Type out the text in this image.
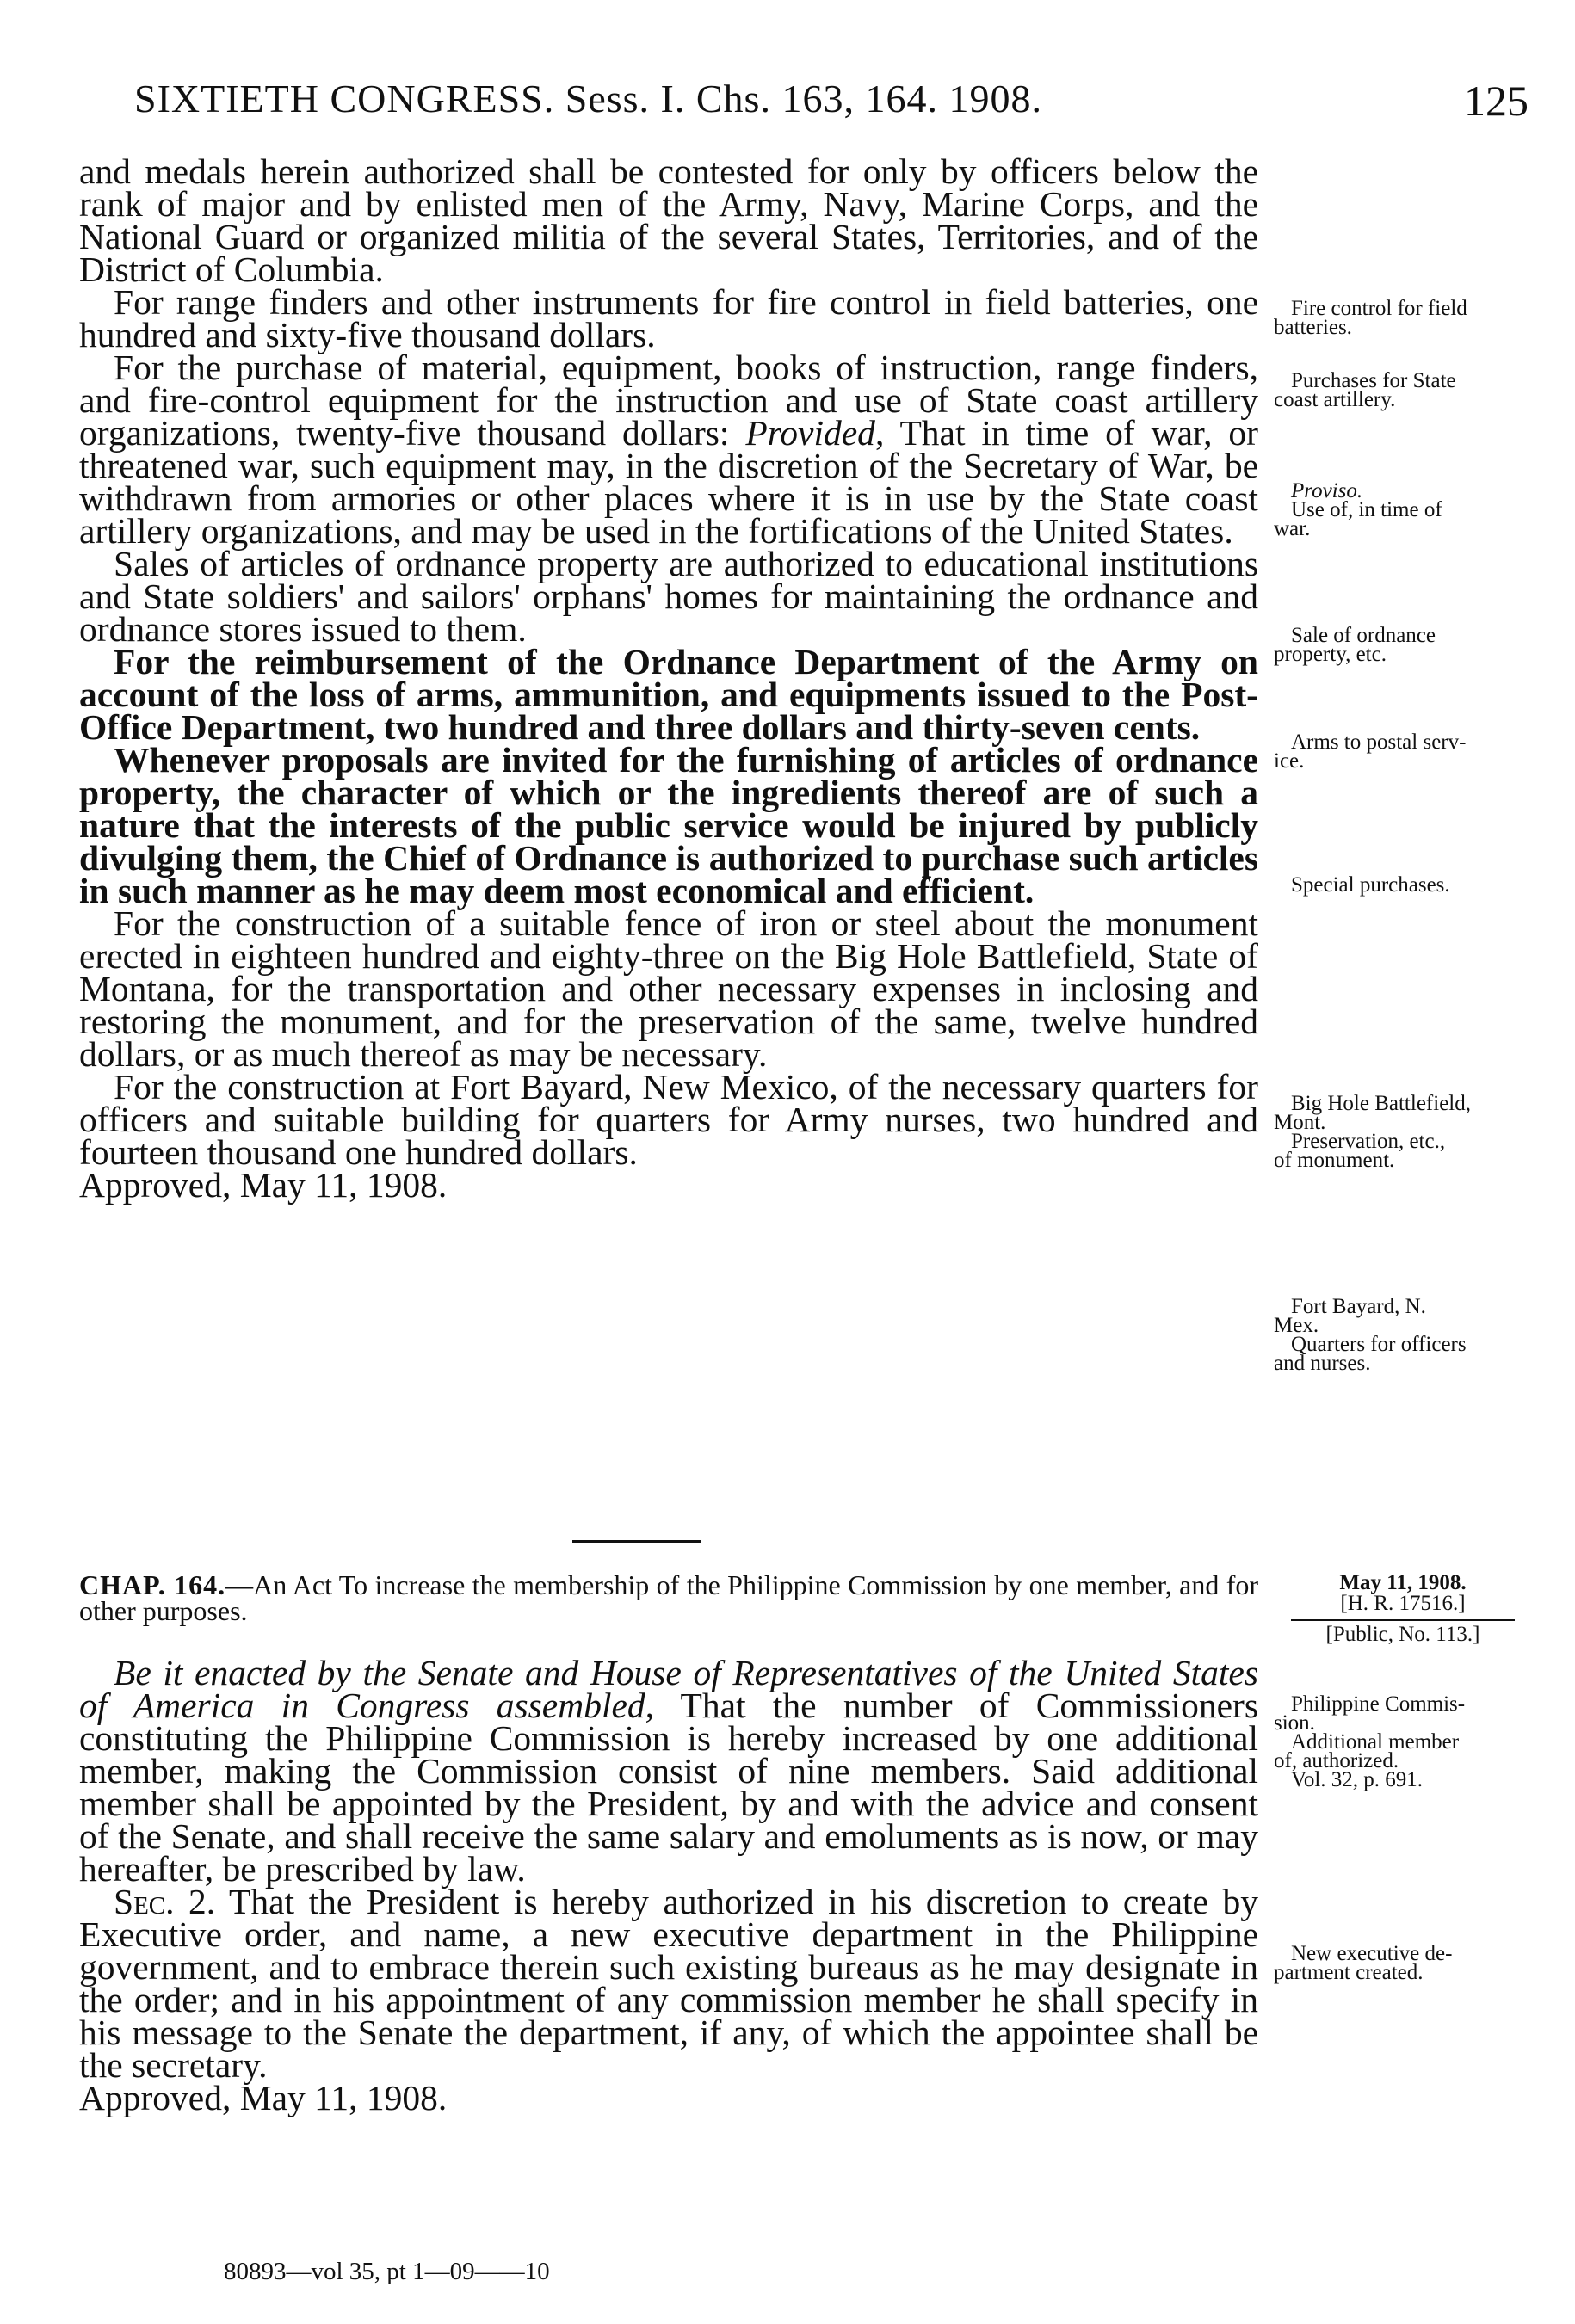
SIXTIETH CONGRESS. Sess. I. Chs. 163, 164. 1908.	125

and medals herein authorized shall be contested for only by officers below the rank of major and by enlisted men of the Army, Navy, Marine Corps, and the National Guard or organized militia of the several States, Territories, and of the District of Columbia.

For range finders and other instruments for fire control in field batteries, one hundred and sixty-five thousand dollars.

For the purchase of material, equipment, books of instruction, range finders, and fire-control equipment for the instruction and use of State coast artillery organizations, twenty-five thousand dollars: Provided, That in time of war, or threatened war, such equipment may, in the discretion of the Secretary of War, be withdrawn from armories or other places where it is in use by the State coast artillery organizations, and may be used in the fortifications of the United States.

Sales of articles of ordnance property are authorized to educational institutions and State soldiers' and sailors' orphans' homes for maintaining the ordnance and ordnance stores issued to them.

For the reimbursement of the Ordnance Department of the Army on account of the loss of arms, ammunition, and equipments issued to the Post-Office Department, two hundred and three dollars and thirty-seven cents.

Whenever proposals are invited for the furnishing of articles of ordnance property, the character of which or the ingredients thereof are of such a nature that the interests of the public service would be injured by publicly divulging them, the Chief of Ordnance is authorized to purchase such articles in such manner as he may deem most economical and efficient.

For the construction of a suitable fence of iron or steel about the monument erected in eighteen hundred and eighty-three on the Big Hole Battlefield, State of Montana, for the transportation and other necessary expenses in inclosing and restoring the monument, and for the preservation of the same, twelve hundred dollars, or as much thereof as may be necessary.

For the construction at Fort Bayard, New Mexico, of the necessary quarters for officers and suitable building for quarters for Army nurses, two hundred and fourteen thousand one hundred dollars.

Approved, May 11, 1908.

Fire control for field
batteries.
Purchases for State
coast artillery.
Proviso.
Use of, in time of
war.
Sale of ordnance
property, etc.
Arms to postal serv-
ice.
Special purchases.
Big Hole Battlefield,
Mont.
Preservation, etc.,
of monument.
Fort Bayard, N.
Mex.
Quarters for officers
and nurses.
CHAP. 164.—An Act To increase the membership of the Philippine Commission by one member, and for other purposes.
May 11, 1908.
[H. R. 17516.]
[Public, No. 113.]

Be it enacted by the Senate and House of Representatives of the United States of America in Congress assembled, That the number of Commissioners constituting the Philippine Commission is hereby increased by one additional member, making the Commission consist of nine members. Said additional member shall be appointed by the President, by and with the advice and consent of the Senate, and shall receive the same salary and emoluments as is now, or may hereafter, be prescribed by law.

Sec. 2. That the President is hereby authorized in his discretion to create by Executive order, and name, a new executive department in the Philippine government, and to embrace therein such existing bureaus as he may designate in the order; and in his appointment of any commission member he shall specify in his message to the Senate the department, if any, of which the appointee shall be the secretary.

Approved, May 11, 1908.

Philippine Commis-
sion.
Additional member
of, authorized.
Vol. 32, p. 691.
New executive de-
partment created.
80893—vol 35, pt 1—09——10
